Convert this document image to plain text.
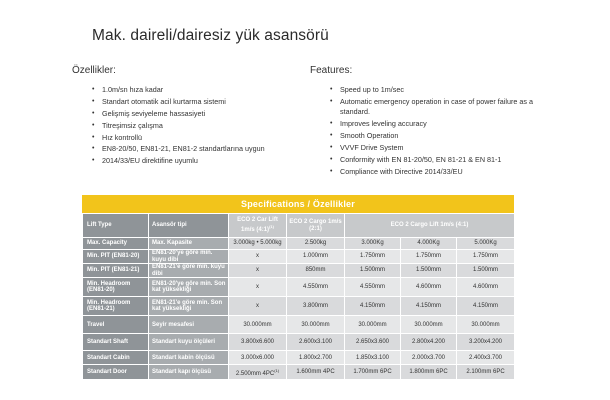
Mak. daireli/dairesiz yük asansörü
Özellikler:	Features:
• 1.0m/sn hıza kadar
• Standart otomatik acil kurtarma sistemi
• Gelişmiş seviyeleme hassasiyeti
• Titreşimsiz çalışma
• Hız kontrollü
• EN8-20/50, EN81-21, EN81-2 standartlarına uygun
• 2014/33/EU direktifine uyumlu
• Speed up to 1m/sec
• Automatic emergency operation in case of power failure as a standard.
• Improves leveling accuracy
• Smooth Operation
• VVVF Drive System
• Conformity with EN 81-20/50, EN 81-21 & EN 81-1
• Compliance with Directive 2014/33/EU
Specifications / Özellikler
Lift Type	Asansör tipi	ECO 2 Car Lift 1m/s (4:1)$^{(1)}$	ECO 2 Cargo 1m/s (2:1)	ECO 2 Cargo Lift 1m/s (4:1)		
Max. Capacity	Max. Kapasite	3.000kg • 5.000kg	2.500kg	3.000Kg	4.000Kg	5.000Kg
Min. PIT (EN81-20)	EN81-20'ye göre min. kuyu dibi	x	1.000mm	1.750mm	1.750mm	1.750mm
Min. PIT (EN81-21)	EN81-21'e göre min. kuyu dibi	x	850mm	1.500mm	1.500mm	1.500mm
Min. Headroom (EN81-20)	EN81-20'ye göre min. Son kat yüksekliği	x	4.550mm	4.550mm	4.600mm	4.600mm
Min. Headroom (EN81-21)	EN81-21'e göre min. Son kat yüksekliği	x	3.800mm	4.150mm	4.150mm	4.150mm
Travel	Seyir mesafesi	30.000mm	30.000mm	30.000mm	30.000mm	30.000mm
Standart Shaft	Standart kuyu ölçüleri	3.800x6.600	2.600x3.100	2.650x3.600	2.800x4.200	3.200x4.200
Standart Cabin	Standart kabin ölçüsü	3.000x6.000	1.800x2.700	1.850x3.100	2.000x3.700	2.400x3.700
Standart Door	Standart kapı ölçüsü	2.500mm 4PC$^{(1)}$	1.600mm 4PC	1.700mm 6PC	1.800mm 6PC	2.100mm 6PC
